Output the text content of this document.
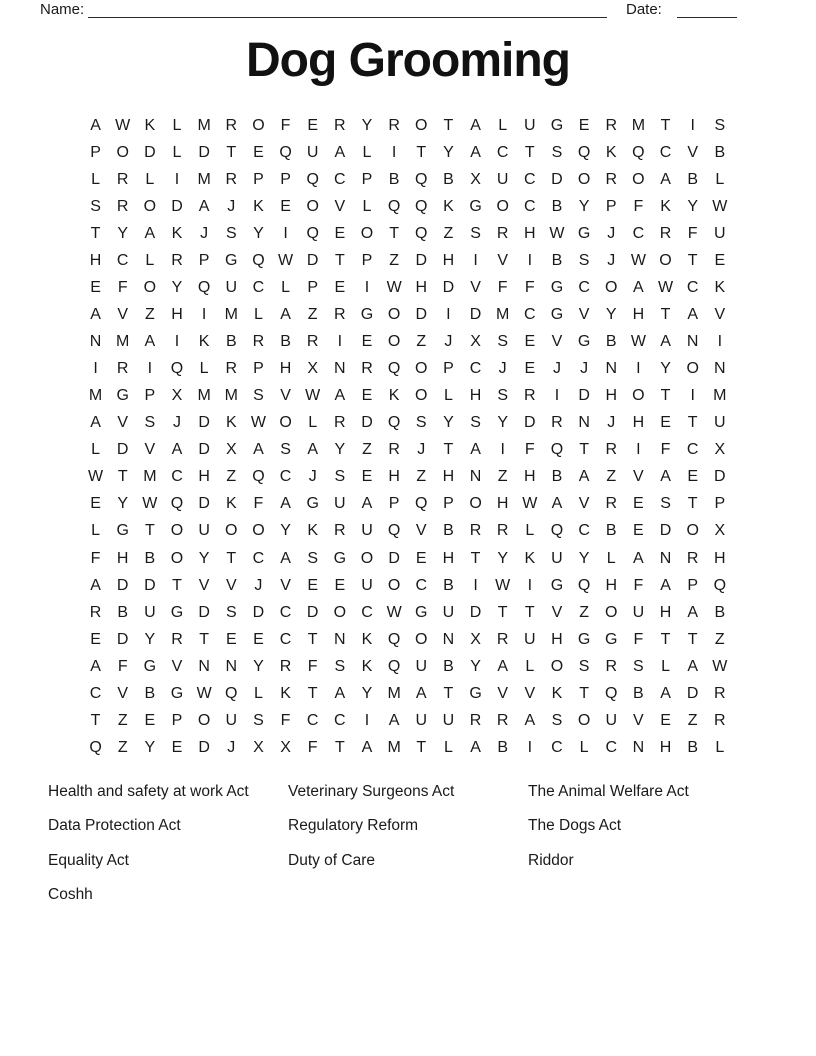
Name:	Date:
Dog Grooming
A W K	L	M R O	F	E	R	Y	R O	T	A	L	U G E	R M T	I	S
P O D	L	D	T	E Q U	A	L	I	T	Y	A	C	T	S Q K Q C	V	B
L	R	L	I	M R	P	P Q C	P	B Q B	X	U C D O R O A	B	L
S	R O D	A	J	K	E O V	L	Q Q K G O C	B	Y	P	F	K	Y W
T	Y	A	K	J	S	Y	I	Q E O	T	Q	Z	S	R H W G	J	C R	F	U
H C	L	R	P G Q W D	T	P	Z	D H	I	V	I	B	S	J W O	T	E
E	F	O Y Q U C	L	P	E	I	W H D	V	F	F	G C O A W C	K
A	V	Z	H	I	M	L	A	Z	R G O D	I	D M C G V	Y	H	T	A	V
N M A	I	K	B	R	B	R	I	E O	Z	J	X	S	E	V G B W A	N	I
I	R	I	Q	L	R	P	H	X	N R Q O P	C	J	E	J	J	N	I	Y O N
M G P	X M M S	V W A	E	K O	L	H	S	R	I	D H O	T	I	M
A	V	S	J	D	K W O	L	R D Q S	Y	S	Y	D R N	J	H	E	T	U
L	D	V	A	D	X	A	S	A	Y	Z	R	J	T	A	I	F	Q	T	R	I	F	C	X
W T M C H	Z	Q C	J	S	E	H	Z	H N	Z	H	B	A	Z	V	A	E	D
E	Y W Q D	K	F	A G U	A	P Q P O H W A	V	R	E	S	T	P
L	G	T	O U O O Y	K	R U Q V	B	R R	L	Q C	B	E	D O X
F	H	B O Y	T	C	A	S G O D	E	H	T	Y	K	U	Y	L	A	N R H
A	D D	T	V	V	J	V	E	E	U O C	B	I	W	I	G Q H	F	A	P Q
R	B	U G D	S	D C D O C W G U D	T	T	V	Z	O U H	A	B
E	D	Y	R	T	E	E	C	T	N	K Q O N	X	R U H G G	F	T	T	Z
A	F	G V	N N	Y	R	F	S	K Q U	B	Y	A	L	O S	R	S	L	A W
C	V	B G W Q	L	K	T	A	Y M A	T	G V	V	K	T	Q B	A	D R
T	Z	E	P O U	S	F	C C	I	A	U U R R	A	S O U	V	E	Z	R
Q	Z	Y	E	D	J	X	X	F	T	A M T	L	A	B	I	C	L	C N H	B	L
Health and safety at work Act
Data Protection Act
Equality Act
Coshh
Veterinary Surgeons Act
Regulatory Reform
Duty of Care
The Animal Welfare Act
The Dogs Act
Riddor
